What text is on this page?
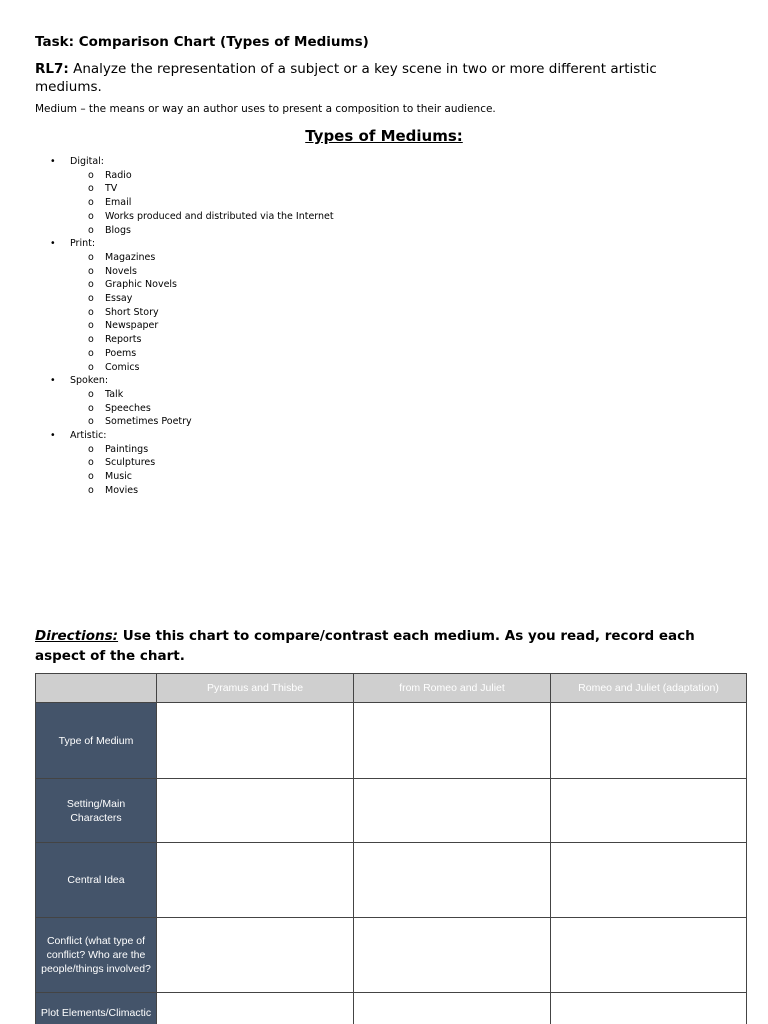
Task: Comparison Chart (Types of Mediums)

RL7: Analyze the representation of a subject or a key scene in two or more different artistic mediums.

Medium – the means or way an author uses to present a composition to their audience.

Types of Mediums:
•	Digital:
o Radio
o TV
o Email
o Works produced and distributed via the Internet
o Blogs
•	Print:
o Magazines
o Novels
o Graphic Novels
o Essay
o Short Story
o Newspaper
o Reports
o Poems
o Comics
•	Spoken:
o Talk
o Speeches
o Sometimes Poetry
•	Artistic:
o Paintings
o Sculptures
o Music
o Movies

Directions: Use this chart to compare/contrast each medium. As you read, record each aspect of the chart.

	Pyramus and Thisbe	from Romeo and Juliet	Romeo and Juliet (adaptation)
Type of Medium			
Setting/Main Characters			
Central Idea			
Conflict (what type of conflict? Who are the people/things involved?			
Plot Elements/Climactic			
